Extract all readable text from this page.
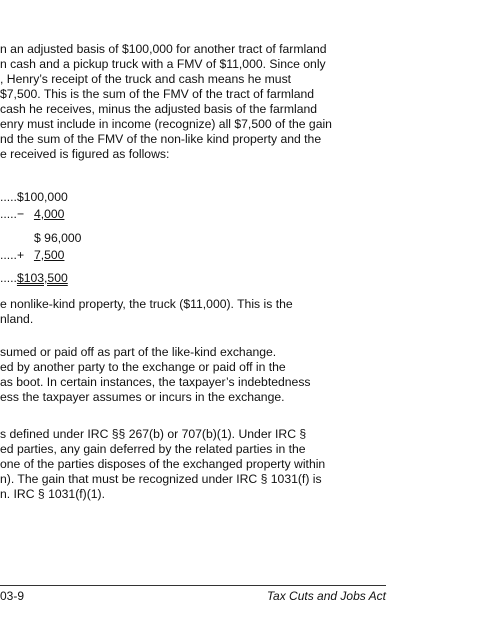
n an adjusted basis of $100,000 for another tract of farmland
n cash and a pickup truck with a FMV of $11,000. Since only
, Henry’s receipt of the truck and cash means he must
$7,500. This is the sum of the FMV of the tract of farmland
cash he receives, minus the adjusted basis of the farmland
enry must include in income (recognize) all $7,500 of the gain
nd the sum of the FMV of the non-like kind property and the
e received is figured as follows:
.....$100,000
.....− 4,000
$ 96,000
.....+ 7,500
.....$103,500
e nonlike-kind property, the truck ($11,000). This is the
nland.
sumed or paid off as part of the like-kind exchange.
ed by another party to the exchange or paid off in the
as boot. In certain instances, the taxpayer’s indebtedness
ess the taxpayer assumes or incurs in the exchange.
s defined under IRC §§ 267(b) or 707(b)(1). Under IRC §
ed parties, any gain deferred by the related parties in the
one of the parties disposes of the exchanged property within
n). The gain that must be recognized under IRC § 1031(f) is
n. IRC § 1031(f)(1).
03-9	Tax Cuts and Jobs Act
